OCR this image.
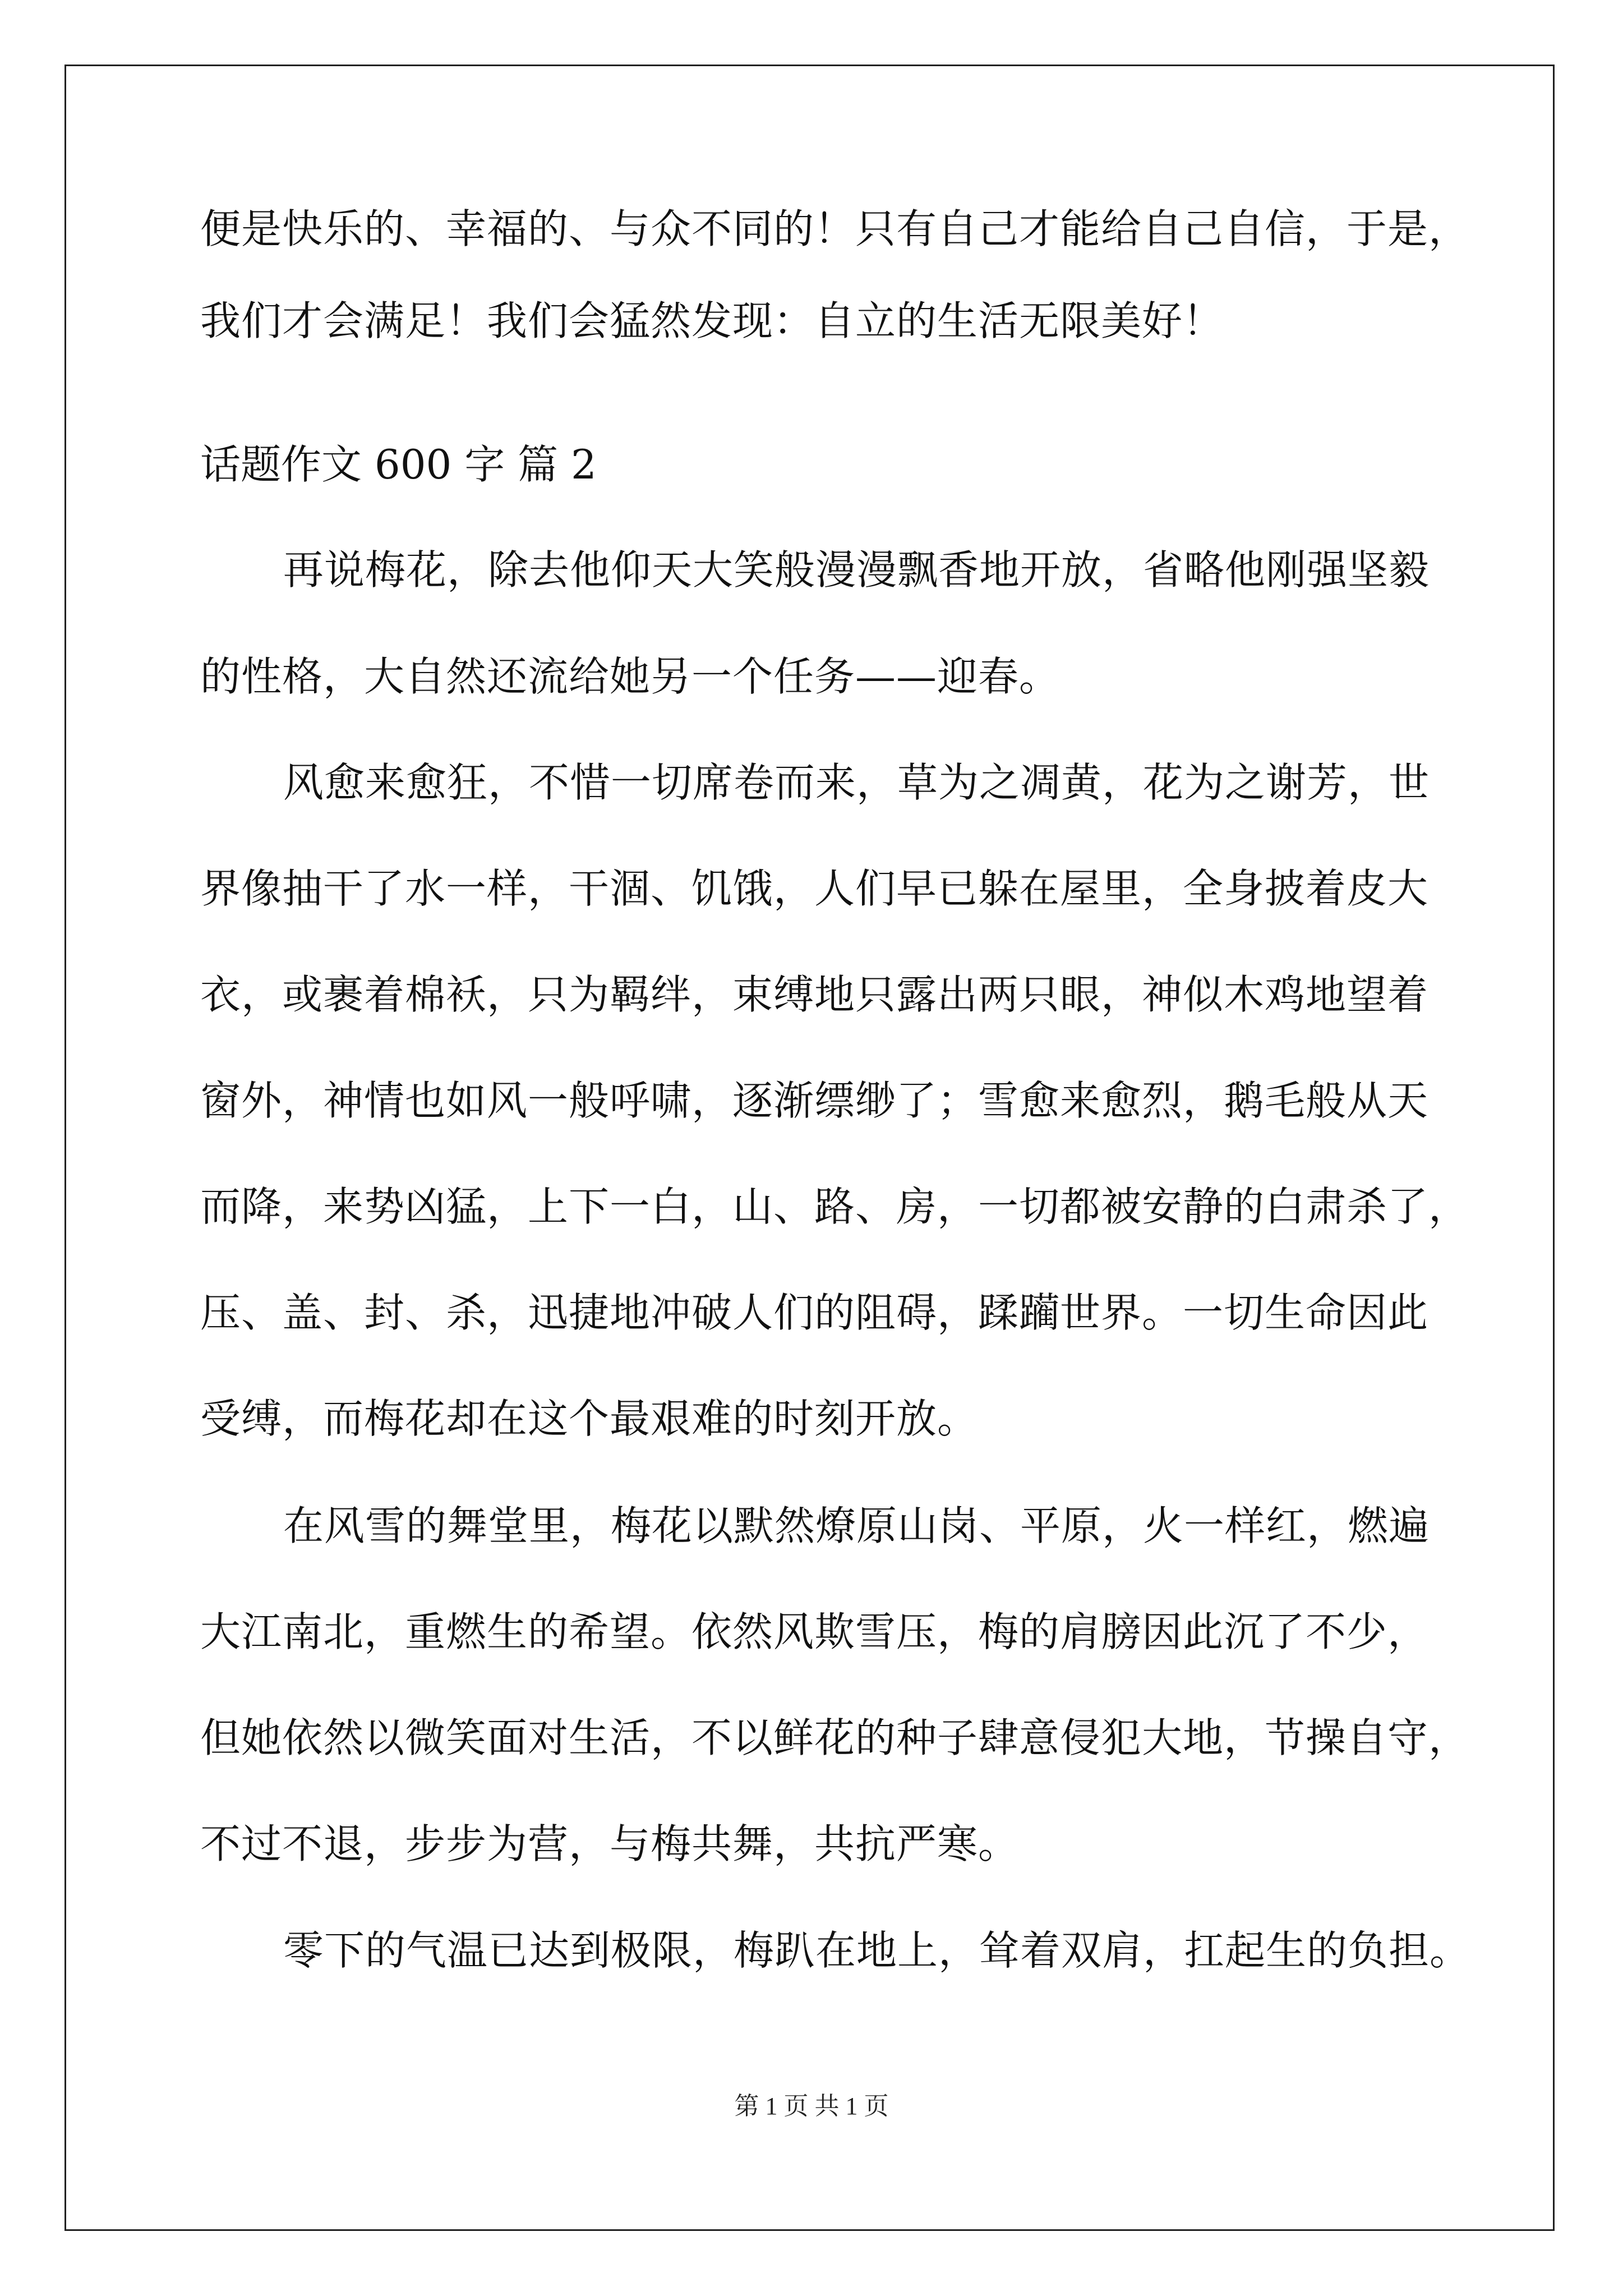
便是快乐的、幸福的、与众不同的！只有自己才能给自己自信，于是，
我们才会满足！我们会猛然发现：自立的生活无限美好！
话题作文 600 字 篇 2
再说梅花，除去他仰天大笑般漫漫飘香地开放，省略他刚强坚毅
的性格，大自然还流给她另一个任务——迎春。
风愈来愈狂，不惜一切席卷而来，草为之凋黄，花为之谢芳，世
界像抽干了水一样，干涸、饥饿，人们早已躲在屋里，全身披着皮大
衣，或裹着棉袄，只为羁绊，束缚地只露出两只眼，神似木鸡地望着
窗外，神情也如风一般呼啸，逐渐缥缈了；雪愈来愈烈，鹅毛般从天
而降，来势凶猛，上下一白，山、路、房，一切都被安静的白肃杀了，
压、盖、封、杀，迅捷地冲破人们的阻碍，蹂躏世界。一切生命因此
受缚，而梅花却在这个最艰难的时刻开放。
在风雪的舞堂里，梅花以默然燎原山岗、平原，火一样红，燃遍
大江南北，重燃生的希望。依然风欺雪压，梅的肩膀因此沉了不少，
但她依然以微笑面对生活，不以鲜花的种子肆意侵犯大地，节操自守，
不过不退，步步为营，与梅共舞，共抗严寒。
零下的气温已达到极限，梅趴在地上，耸着双肩，扛起生的负担。
第 1 页 共 1 页
